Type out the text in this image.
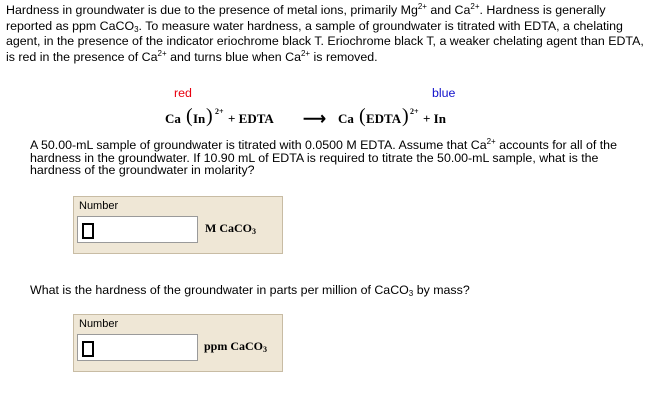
Hardness in groundwater is due to the presence of metal ions, primarily $Mg^{2+}$ and $Ca^{2+}$. Hardness is generally reported as ppm CaCO$_3$. To measure water hardness, a sample of groundwater is titrated with EDTA, a chelating agent, in the presence of the indicator eriochrome black T. Eriochrome black T, a weaker chelating agent than EDTA, is red in the presence of $Ca^{2+}$ and turns blue when $Ca^{2+}$ is removed.
red	blue
Ca ( In ) 2+ + EDTA ⟶ Ca ( EDTA ) 2+ + In
A 50.00-mL sample of groundwater is titrated with 0.0500 M EDTA. Assume that $Ca^{2+}$ accounts for all of the hardness in the groundwater. If 10.90 mL of EDTA is required to titrate the 50.00-mL sample, what is the hardness of the groundwater in molarity?
Number
M CaCO$_3$
What is the hardness of the groundwater in parts per million of CaCO$_3$ by mass?
Number
ppm CaCO$_3$
